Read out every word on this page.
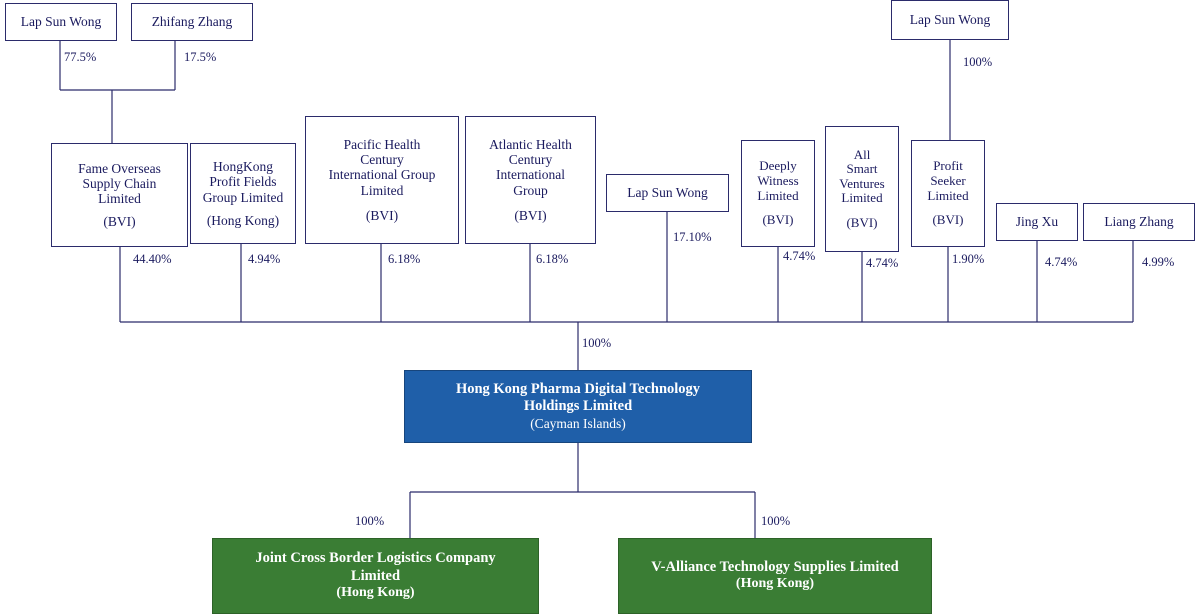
Lap Sun Wong	Zhifang Zhang	Lap Sun Wong
77.5%	17.5%	100%
Fame Overseas
Supply Chain
Limited
(BVI)
HongKong
Profit Fields
Group Limited
(Hong Kong)
Pacific Health
Century
International Group
Limited
(BVI)
Atlantic Health
Century
International
Group
(BVI)
Lap Sun Wong
Deeply
Witness
Limited
(BVI)
All
Smart
Ventures
Limited
(BVI)
Profit
Seeker
Limited
(BVI)	Jing Xu	Liang Zhang
44.40%	4.94%	6.18%	6.18%
17.10%
4.74%	4.74%	1.90%	4.74%	4.99%
100%
Hong Kong Pharma Digital Technology
Holdings Limited
(Cayman Islands)
100%	100%
Joint Cross Border Logistics Company
Limited
(Hong Kong)
V-Alliance Technology Supplies Limited
(Hong Kong)
